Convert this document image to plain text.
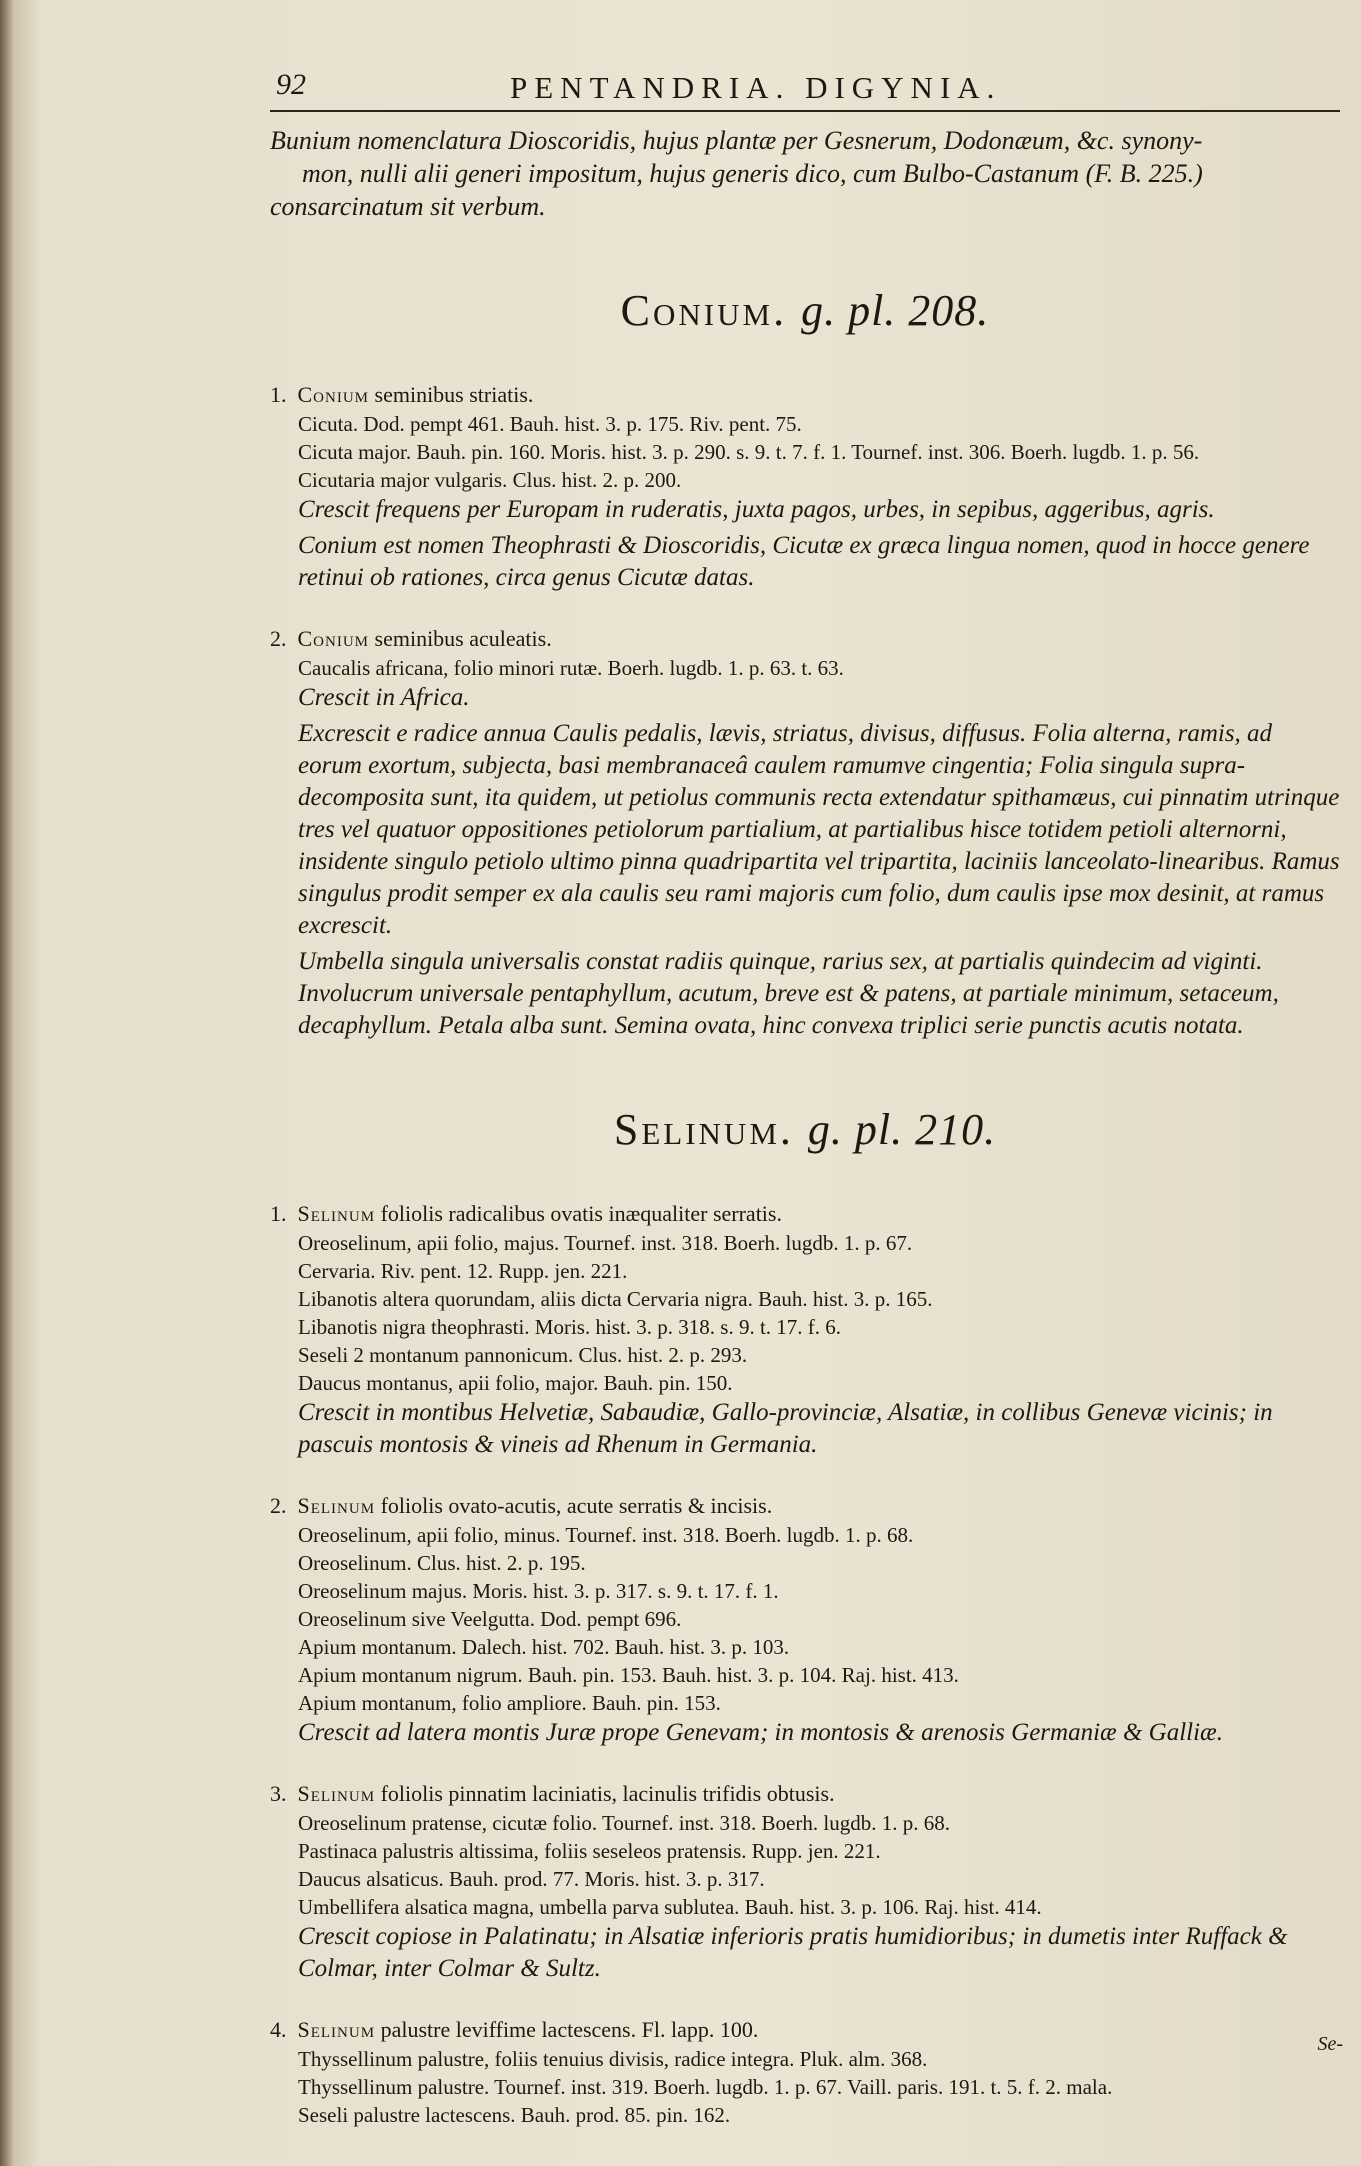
92	PENTANDRIA. DIGYNIA.

Bunium nomenclatura Dioscoridis, hujus plantæ per Gesnerum, Dodonæum, &c. synony-

mon, nulli alii generi impositum, hujus generis dico, cum Bulbo-Castanum (F. B. 225.)

consarcinatum sit verbum.

Conium. g. pl. 208.

1. Conium seminibus striatis.

Cicuta. Dod. pempt 461. Bauh. hist. 3. p. 175. Riv. pent. 75.

Cicuta major. Bauh. pin. 160. Moris. hist. 3. p. 290. s. 9. t. 7. f. 1. Tournef. inst. 306. Boerh. lugdb. 1. p. 56.

Cicutaria major vulgaris. Clus. hist. 2. p. 200.

Crescit frequens per Europam in ruderatis, juxta pagos, urbes, in sepibus, aggeribus, agris.

Conium est nomen Theophrasti & Dioscoridis, Cicutæ ex græca lingua nomen, quod in hocce genere retinui ob rationes, circa genus Cicutæ datas.

2. Conium seminibus aculeatis.

Caucalis africana, folio minori rutæ. Boerh. lugdb. 1. p. 63. t. 63.

Crescit in Africa.

Excrescit e radice annua Caulis pedalis, lævis, striatus, divisus, diffusus. Folia alterna, ramis, ad eorum exortum, subjecta, basi membranaceâ caulem ramumve cingentia; Folia singula supra-decomposita sunt, ita quidem, ut petiolus communis recta extendatur spithamæus, cui pinnatim utrinque tres vel quatuor oppositiones petiolorum partialium, at partialibus hisce totidem petioli alternorni, insidente singulo petiolo ultimo pinna quadripartita vel tripartita, laciniis lanceolato-linearibus. Ramus singulus prodit semper ex ala caulis seu rami majoris cum folio, dum caulis ipse mox desinit, at ramus excrescit.

Umbella singula universalis constat radiis quinque, rarius sex, at partialis quindecim ad viginti. Involucrum universale pentaphyllum, acutum, breve est & patens, at partiale minimum, setaceum, decaphyllum. Petala alba sunt. Semina ovata, hinc convexa triplici serie punctis acutis notata.

Selinum. g. pl. 210.

1. Selinum foliolis radicalibus ovatis inæqualiter serratis.

Oreoselinum, apii folio, majus. Tournef. inst. 318. Boerh. lugdb. 1. p. 67.

Cervaria. Riv. pent. 12. Rupp. jen. 221.

Libanotis altera quorundam, aliis dicta Cervaria nigra. Bauh. hist. 3. p. 165.

Libanotis nigra theophrasti. Moris. hist. 3. p. 318. s. 9. t. 17. f. 6.

Seseli 2 montanum pannonicum. Clus. hist. 2. p. 293.

Daucus montanus, apii folio, major. Bauh. pin. 150.

Crescit in montibus Helvetiæ, Sabaudiæ, Gallo-provinciæ, Alsatiæ, in collibus Genevæ vicinis; in pascuis montosis & vineis ad Rhenum in Germania.

2. Selinum foliolis ovato-acutis, acute serratis & incisis.

Oreoselinum, apii folio, minus. Tournef. inst. 318. Boerh. lugdb. 1. p. 68.

Oreoselinum. Clus. hist. 2. p. 195.

Oreoselinum majus. Moris. hist. 3. p. 317. s. 9. t. 17. f. 1.

Oreoselinum sive Veelgutta. Dod. pempt 696.

Apium montanum. Dalech. hist. 702. Bauh. hist. 3. p. 103.

Apium montanum nigrum. Bauh. pin. 153. Bauh. hist. 3. p. 104. Raj. hist. 413.

Apium montanum, folio ampliore. Bauh. pin. 153.

Crescit ad latera montis Juræ prope Genevam; in montosis & arenosis Germaniæ & Galliæ.

3. Selinum foliolis pinnatim laciniatis, lacinulis trifidis obtusis.

Oreoselinum pratense, cicutæ folio. Tournef. inst. 318. Boerh. lugdb. 1. p. 68.

Pastinaca palustris altissima, foliis seseleos pratensis. Rupp. jen. 221.

Daucus alsaticus. Bauh. prod. 77. Moris. hist. 3. p. 317.

Umbellifera alsatica magna, umbella parva sublutea. Bauh. hist. 3. p. 106. Raj. hist. 414.

Crescit copiose in Palatinatu; in Alsatiæ inferioris pratis humidioribus; in dumetis inter Ruffack & Colmar, inter Colmar & Sultz.

4. Selinum palustre leviffime lactescens. Fl. lapp. 100.

Thyssellinum palustre, foliis tenuius divisis, radice integra. Pluk. alm. 368.

Thyssellinum palustre. Tournef. inst. 319. Boerh. lugdb. 1. p. 67. Vaill. paris. 191. t. 5. f. 2. mala.

Seseli palustre lactescens. Bauh. prod. 85. pin. 162.

Se-
